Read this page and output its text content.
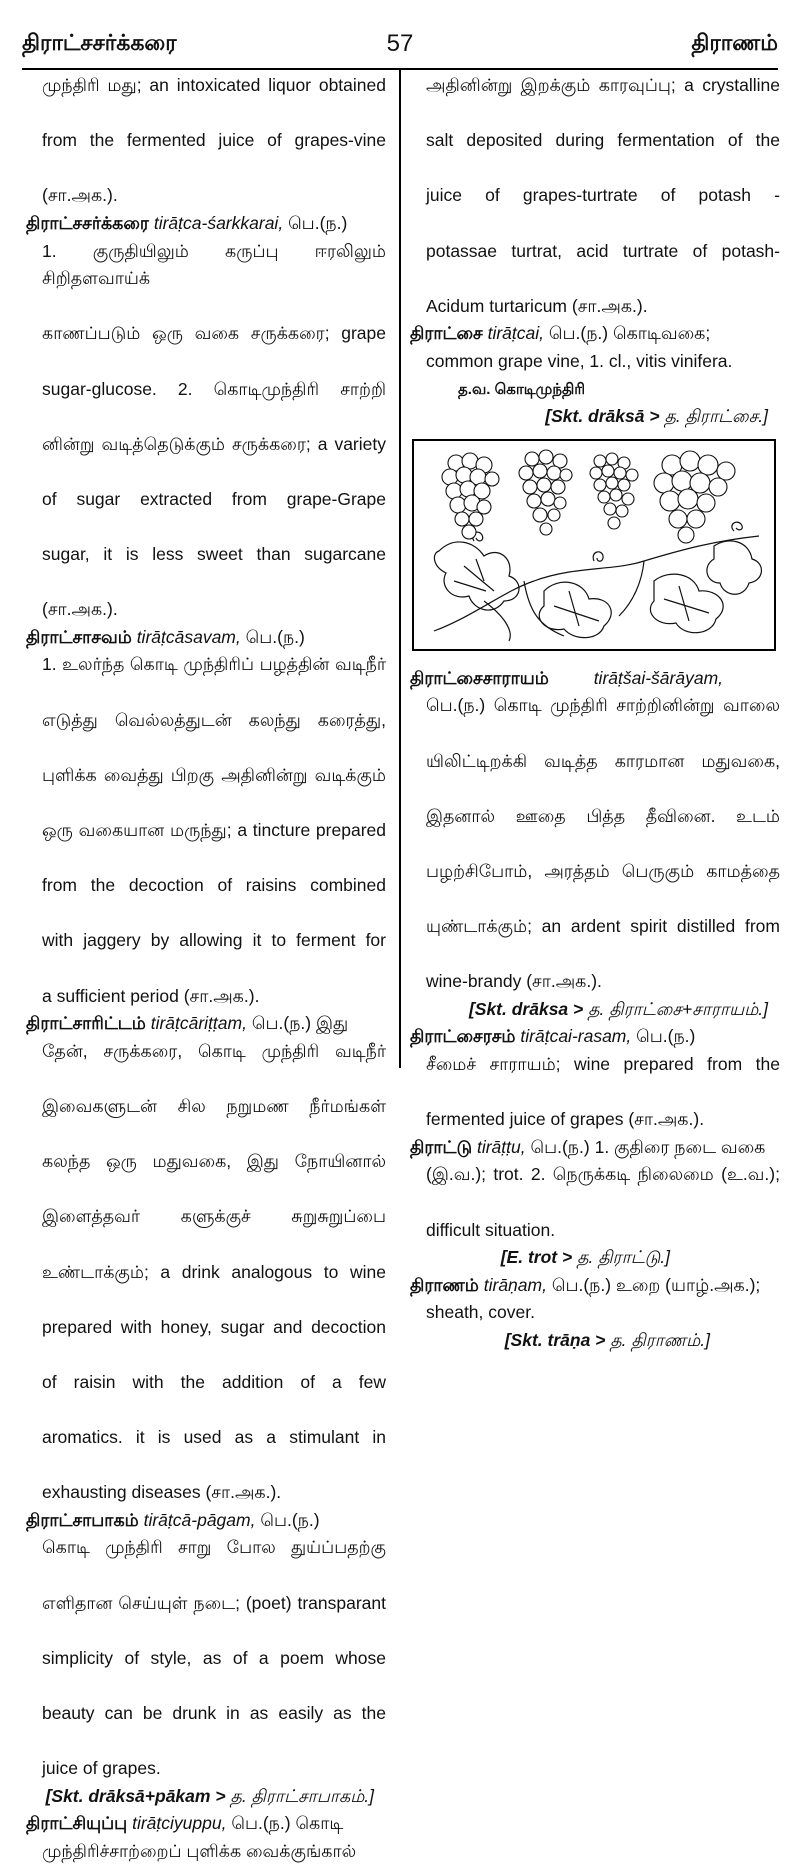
திராட்சசர்க்கரை	57	திராணம்
முந்திரி மது; an intoxicated liquor obtained
from the fermented juice of grapes-vine
(சா.அக.).
திராட்சசர்க்கரை tirāṭca-śarkkarai, பெ.(ந.)
1. குருதியிலும் கருப்பு ஈரலிலும் சிறிதளவாய்க்
காணப்படும் ஒரு வகை சருக்கரை; grape
sugar-glucose. 2. கொடிமுந்திரி சாற்றி
னின்று வடித்தெடுக்கும் சருக்கரை; a variety
of sugar extracted from grape-Grape
sugar, it is less sweet than sugarcane
(சா.அக.).
திராட்சாசவம் tirāṭcāsavam, பெ.(ந.)
1. உலர்ந்த கொடி முந்திரிப் பழத்தின் வடிநீர்
எடுத்து வெல்லத்துடன் கலந்து கரைத்து,
புளிக்க வைத்து பிறகு அதினின்று வடிக்கும்
ஒரு வகையான மருந்து; a tincture prepared
from the decoction of raisins combined
with jaggery by allowing it to ferment for
a sufficient period (சா.அக.).
திராட்சாரிட்டம் tirāṭcāriṭṭam, பெ.(ந.) இது
தேன், சருக்கரை, கொடி முந்திரி வடிநீர்
இவைகளுடன் சில நறுமண நீர்மங்கள்
கலந்த ஒரு மதுவகை, இது நோயினால்
இளைத்தவர் களுக்குச் சுறுசுறுப்பை
உண்டாக்கும்; a drink analogous to wine
prepared with honey, sugar and decoction
of raisin with the addition of a few
aromatics. it is used as a stimulant in
exhausting diseases (சா.அக.).
திராட்சாபாகம் tirāṭcā-pāgam, பெ.(ந.)
கொடி முந்திரி சாறு போல துய்ப்பதற்கு
எளிதான செய்யுள் நடை; (poet) transparant
simplicity of style, as of a poem whose
beauty can be drunk in as easily as the
juice of grapes.
[Skt. drāksā+pākam > த. திராட்சாபாகம்.]
திராட்சியுப்பு tirāṭciyuppu, பெ.(ந.) கொடி
முந்திரிச்சாற்றைப் புளிக்க வைக்குங்கால்
அதினின்று இறக்கும் காரவுப்பு; a crystalline
salt deposited during fermentation of the
juice of grapes-turtrate of potash -
potassae turtrat, acid turtrate of potash-
Acidum turtaricum (சா.அக.).
திராட்சை tirāṭcai, பெ.(ந.) கொடிவகை;
common grape vine, 1. cl., vitis vinifera.
த.வ. கொடிமுந்திரி
[Skt. drāksā > த. திராட்சை.]
திராட்சைசாராயம்	tirāṭšai-šārāyam,
பெ.(ந.) கொடி முந்திரி சாற்றினின்று வாலை
யிலிட்டிறக்கி வடித்த காரமான மதுவகை,
இதனால் ஊதை பித்த தீவினை. உடம்
பழற்சிபோம், அரத்தம் பெருகும் காமத்தை
யுண்டாக்கும்; an ardent spirit distilled from
wine-brandy (சா.அக.).
[Skt. drāksa > த. திராட்சை+சாராயம்.]
திராட்சைரசம் tirāṭcai-rasam, பெ.(ந.)
சீமைச் சாராயம்; wine prepared from the
fermented juice of grapes (சா.அக.).
திராட்டு tirāṭṭu, பெ.(ந.) 1. குதிரை நடை வகை
(இ.வ.); trot. 2. நெருக்கடி நிலைமை (உ.வ.);
difficult situation.
[E. trot > த. திராட்டு.]
திராணம் tirāṇam, பெ.(ந.) உறை (யாழ்.அக.);
sheath, cover.
[Skt. trāṇa > த. திராணம்.]
